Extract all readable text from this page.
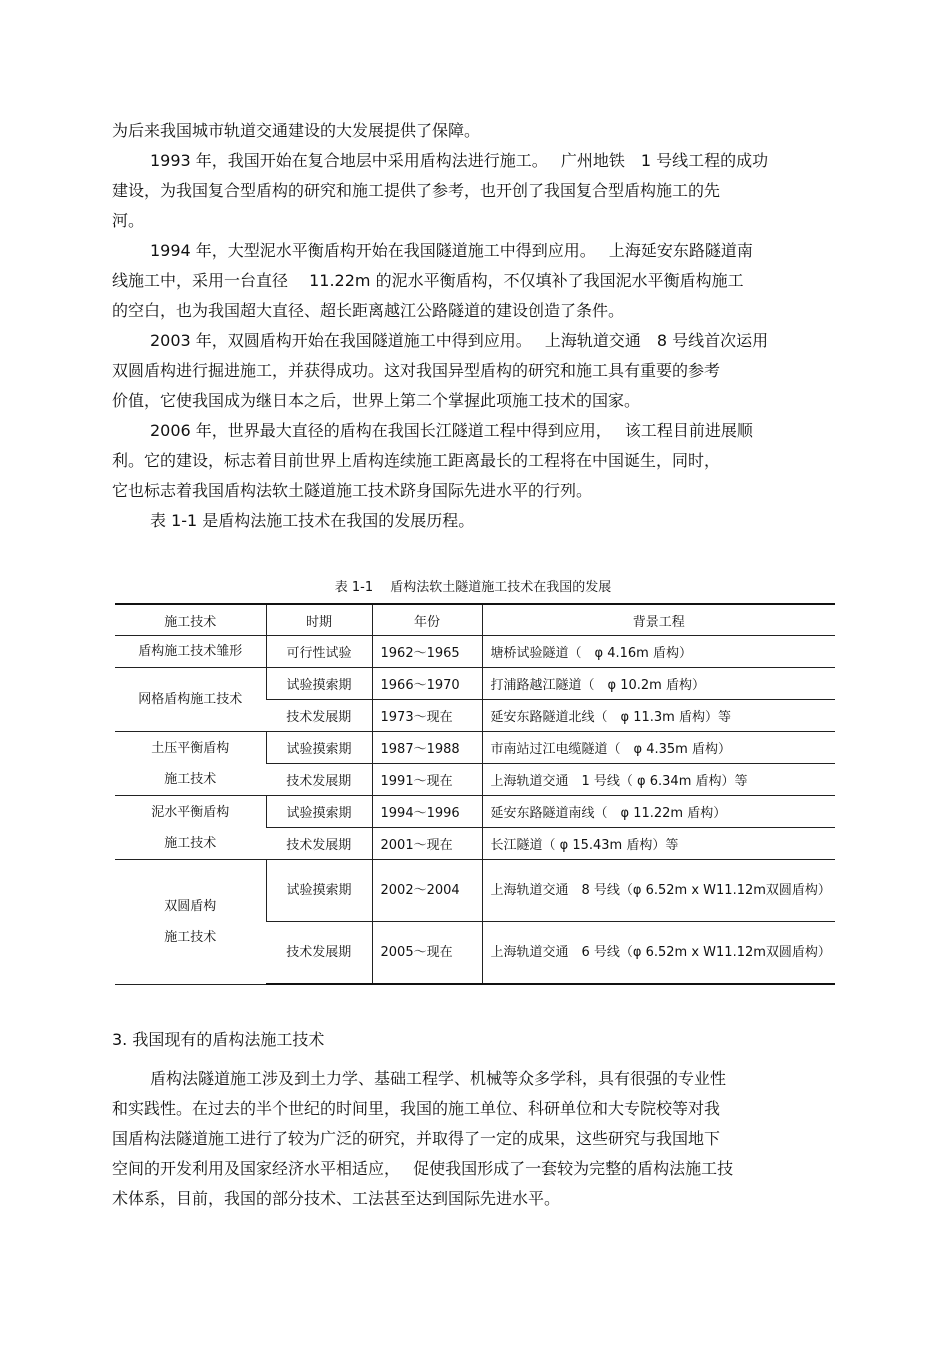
为后来我国城市轨道交通建设的大发展提供了保障。
1993 年，我国开始在复合地层中采用盾构法进行施工。　 广州地铁　1 号线工程的成功
建设，为我国复合型盾构的研究和施工提供了参考，也开创了我国复合型盾构施工的先
河。
1994 年，大型泥水平衡盾构开始在我国隧道施工中得到应用。　 上海延安东路隧道南
线施工中，采用一台直径　 11.22m 的泥水平衡盾构，不仅填补了我国泥水平衡盾构施工
的空白，也为我国超大直径、超长距离越江公路隧道的建设创造了条件。
2003 年，双圆盾构开始在我国隧道施工中得到应用。　 上海轨道交通　8 号线首次运用
双圆盾构进行掘进施工，并获得成功。这对我国异型盾构的研究和施工具有重要的参考
价值，它使我国成为继日本之后，世界上第二个掌握此项施工技术的国家。
2006 年，世界最大直径的盾构在我国长江隧道工程中得到应用，　 该工程目前进展顺
利。它的建设，标志着目前世界上盾构连续施工距离最长的工程将在中国诞生，同时，
它也标志着我国盾构法软土隧道施工技术跻身国际先进水平的行列。
表 1-1 是盾构法施工技术在我国的发展历程。
表 1-1　 盾构法软土隧道施工技术在我国的发展
施工技术	时期	年份	背景工程

盾构施工技术雏形	可行性试验	1962～1965	塘桥试验隧道（　φ 4.16m 盾构）

网格盾构施工技术	试验摸索期	1966～1970	打浦路越江隧道（　φ 10.2m 盾构）
	技术发展期	1973～现在	延安东路隧道北线（　φ 11.3m 盾构）等

土压平衡盾构
施工技术	试验摸索期	1987～1988	市南站过江电缆隧道（　φ 4.35m 盾构）
	技术发展期	1991～现在	上海轨道交通　1 号线（ φ 6.34m 盾构）等

泥水平衡盾构
施工技术	试验摸索期	1994～1996	延安东路隧道南线（　φ 11.22m 盾构）
	技术发展期	2001～现在	长江隧道（ φ 15.43m 盾构）等

双圆盾构
施工技术	试验摸索期	2002～2004	上海轨道交通　8 号线（φ 6.52m x W11.12m双圆盾构）
	技术发展期	2005～现在	上海轨道交通　6 号线（φ 6.52m x W11.12m双圆盾构）
3. 我国现有的盾构法施工技术
盾构法隧道施工涉及到土力学、基础工程学、机械等众多学科，具有很强的专业性
和实践性。在过去的半个世纪的时间里，我国的施工单位、科研单位和大专院校等对我
国盾构法隧道施工进行了较为广泛的研究，并取得了一定的成果，这些研究与我国地下
空间的开发利用及国家经济水平相适应，　 促使我国形成了一套较为完整的盾构法施工技
术体系，目前，我国的部分技术、工法甚至达到国际先进水平。
